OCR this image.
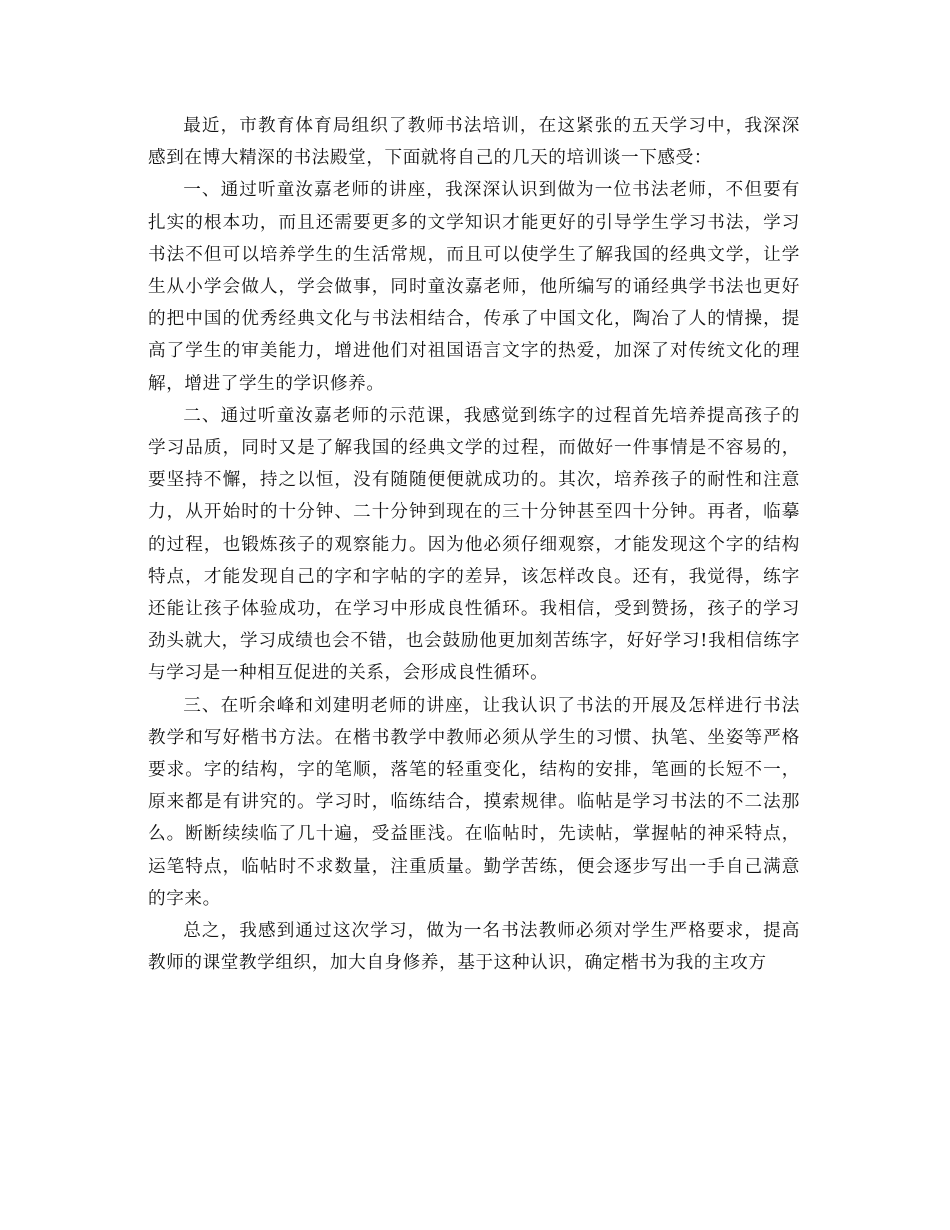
最近，市教育体育局组织了教师书法培训，在这紧张的五天学习中，我深深感到在博大精深的书法殿堂，下面就将自己的几天的培训谈一下感受：

一、通过听童汝嘉老师的讲座，我深深认识到做为一位书法老师，不但要有扎实的根本功，而且还需要更多的文学知识才能更好的引导学生学习书法，学习书法不但可以培养学生的生活常规，而且可以使学生了解我国的经典文学，让学生从小学会做人，学会做事，同时童汝嘉老师，他所编写的诵经典学书法也更好的把中国的优秀经典文化与书法相结合，传承了中国文化，陶冶了人的情操，提高了学生的审美能力，增进他们对祖国语言文字的热爱，加深了对传统文化的理解，增进了学生的学识修养。

二、通过听童汝嘉老师的示范课，我感觉到练字的过程首先培养提高孩子的学习品质，同时又是了解我国的经典文学的过程，而做好一件事情是不容易的，要坚持不懈，持之以恒，没有随随便便就成功的。其次，培养孩子的耐性和注意力，从开始时的十分钟、二十分钟到现在的三十分钟甚至四十分钟。再者，临摹的过程，也锻炼孩子的观察能力。因为他必须仔细观察，才能发现这个字的结构特点，才能发现自己的字和字帖的字的差异，该怎样改良。还有，我觉得，练字还能让孩子体验成功，在学习中形成良性循环。我相信，受到赞扬，孩子的学习劲头就大，学习成绩也会不错，也会鼓励他更加刻苦练字，好好学习!我相信练字与学习是一种相互促进的关系，会形成良性循环。

三、在听余峰和刘建明老师的讲座，让我认识了书法的开展及怎样进行书法教学和写好楷书方法。在楷书教学中教师必须从学生的习惯、执笔、坐姿等严格要求。字的结构，字的笔顺，落笔的轻重变化，结构的安排，笔画的长短不一，原来都是有讲究的。学习时，临练结合，摸索规律。临帖是学习书法的不二法那么。断断续续临了几十遍，受益匪浅。在临帖时，先读帖，掌握帖的神采特点，运笔特点，临帖时不求数量，注重质量。勤学苦练，便会逐步写出一手自己满意的字来。

总之，我感到通过这次学习，做为一名书法教师必须对学生严格要求，提高教师的课堂教学组织，加大自身修养，基于这种认识，确定楷书为我的主攻方
